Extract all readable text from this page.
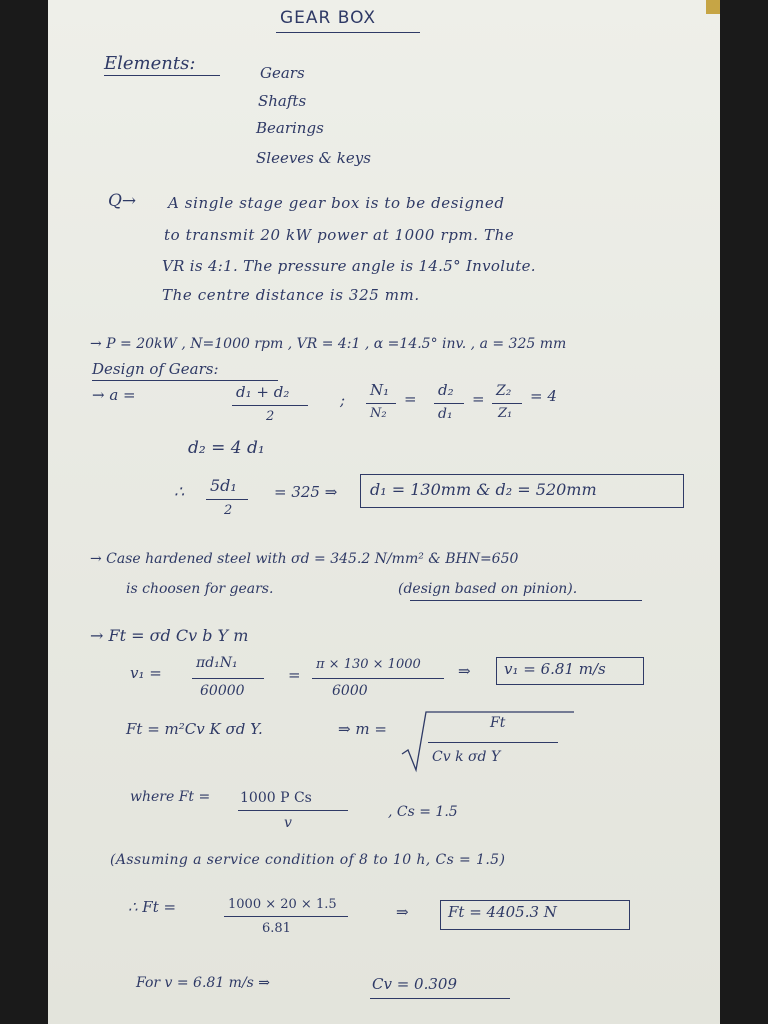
GEAR BOX
Elements:	Gears
Shafts
Bearings
Sleeves & keys
Q→ A single stage gear box is to be designed
to transmit 20 kW power at 1000 rpm. The
VR is 4:1. The pressure angle is 14.5° Involute.
The centre distance is 325 mm.
→ P = 20kW , N=1000 rpm , VR = 4:1 , α =14.5° inv. , a = 325 mm
Design of Gears:
→ a =	d₁ + d₂
2
;
N₁
N₂
= d₂
d₁
= Z₂
Z₁
= 4
d₂ = 4 d₁
∴ 5d₁
2
= 325 ⇒ d₁ = 130mm & d₂ = 520mm
→ Case hardened steel with σd = 345.2 N/mm² & BHN=650
is choosen for gears.	(design based on pinion).
→ Ft = σd Cv b Y m
v₁ =
πd₁N₁
60000
=
π × 130 × 1000
6000
⇒ v₁ = 6.81 m/s
Ft = m²Cv K σd Y.	⇒ m =	Ft
Cv k σd Y
where Ft = 1000 P Cs
v
, Cs = 1.5
(Assuming a service condition of 8 to 10 h, Cs = 1.5)
∴ Ft =	1000 × 20 × 1.5
6.81
⇒	Ft = 4405.3 N
For v = 6.81 m/s ⇒	Cv = 0.309
